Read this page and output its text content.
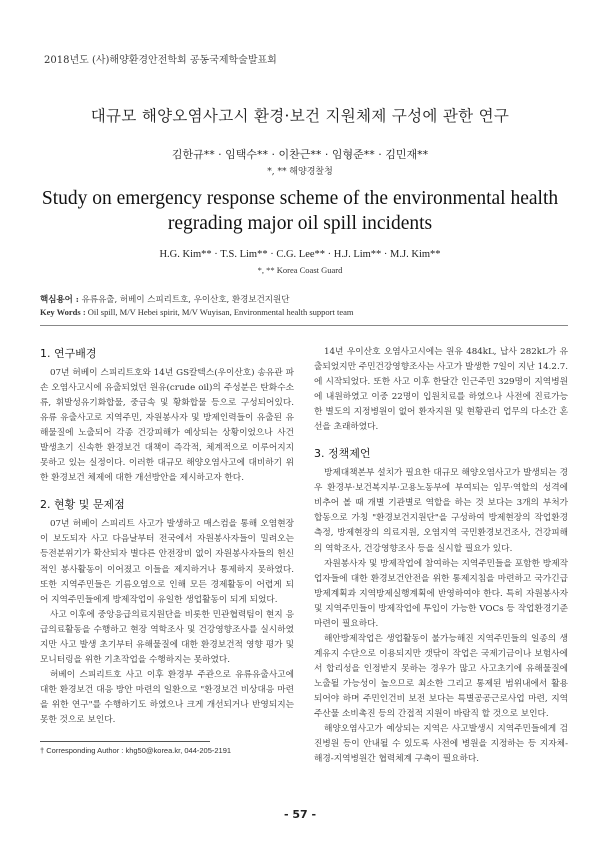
2018년도 (사)해양환경안전학회 공동국제학술발표회
대규모 해양오염사고시 환경·보건 지원체제 구성에 관한 연구
김한규** · 임택수** · 이찬근** · 임형준** · 김민재**
*, ** 해양경찰청
Study on emergency response scheme of the environmental health
regrading major oil spill incidents
H.G. Kim** · T.S. Lim** · C.G. Lee** · H.J. Lim** · M.J. Kim**
*, ** Korea Coast Guard
핵심용어 : 유류유출, 허베이 스피리트호, 우이산호, 환경보건지원단
Key Words : Oil spill, M/V Hebei spirit, M/V Wuyisan, Environmental health support team
1. 연구배경

07년 허베이 스피리트호와 14년 GS칼텍스(우이산호) 송유관 파손 오염사고시에 유출되었던 원유(crude oil)의 주성분은 탄화수소류, 휘발성유기화합물, 중금속 및 황화합물 등으로 구성되어있다. 유류 유출사고로 지역주민, 자원봉사자 및 방제인력들이 유출된 유해물질에 노출되어 각종 건강피해가 예상되는 상황이었으나 사건 발생초기 신속한 환경보건 대책이 즉각적, 체계적으로 이루어지지 못하고 있는 실정이다. 이러한 대규모 해양오염사고에 대비하기 위한 환경보건 체제에 대한 개선방안을 제시하고자 한다.

2. 현황 및 문제점

07년 허베이 스피리트 사고가 발생하고 매스컴을 통해 오염현장이 보도되자 사고 다음날부터 전국에서 자원봉사자들이 밀려오는 등전분위기가 확산되자 별다른 안전장비 없이 자원봉사자들의 헌신적인 봉사활동이 이어졌고 이들을 제지하거나 통제하지 못하였다. 또한 지역주민들은 기름오염으로 인해 모든 경제활동이 어렵게 되어 지역주민들에게 방제작업이 유일한 생업활동이 되게 되었다.

사고 이후에 중앙응급의료지원단을 비롯한 민관협력팀이 현지 응급의료활동을 수행하고 현장 역학조사 및 건강영향조사를 실시하였지만 사고 발생 초기부터 유해물질에 대한 환경보건적 영향 평가 및 모니터링을 위한 기초작업을 수행하지는 못하였다.

허베이 스피리트호 사고 이후 환경부 주관으로 유류유출사고에 대한 환경보건 대응 방안 마련의 일환으로 "환경보건 비상대응 마련을 위한 연구"를 수행하기도 하였으나 크게 개선되거나 반영되지는 못한 것으로 보인다.

14년 우이산호 오염사고시에는 원유 484kL, 납사 282kL가 유출되었지만 주민건강영향조사는 사고가 발생한 7일이 지난 14.2.7.에 시작되었다. 또한 사고 이후 한달간 인근주민 329명이 지역병원에 내원하였고 이중 22명이 입원치료를 하였으나 사전에 진료가능한 별도의 지정병원이 없어 환자지원 및 현황관리 업무의 다소간 혼선을 초래하였다.

3. 정책제언

방제대책본부 설치가 필요한 대규모 해양오염사고가 발생되는 경우 환경부·보건복지부·고용노동부에 부여되는 임무·역할의 성격에 비추어 볼 때 개별 기관별로 역할을 하는 것 보다는 3개의 부처가 합동으로 가칭 "환경보건지원단"을 구성하여 방제현장의 작업환경 측정, 방제현장의 의료지원, 오염지역 국민환경보건조사, 건강피해의 역학조사, 건강영향조사 등을 실시할 필요가 있다.

자원봉사자 및 방제작업에 참여하는 지역주민들을 포함한 방제작업자들에 대한 환경보건안전을 위한 통제지침을 마련하고 국가긴급방제계획과 지역방제실행계획에 반영하여야 한다. 특히 자원봉사자 및 지역주민들이 방제작업에 투입이 가능한 VOCs 등 작업환경기준 마련이 필요하다.

해안방제작업은 생업활동이 불가능해진 지역주민들의 일종의 생계유지 수단으로 이용되지만 갯닦이 작업은 국제기금이나 보험사에서 합리성을 인정받지 못하는 경우가 많고 사고초기에 유해물질에 노출될 가능성이 높으므로 최소한 그리고 통제된 범위내에서 활용되어야 하며 주민인건비 보전 보다는 특별공공근로사업 마련, 지역주산물 소비촉진 등의 간접적 지원이 바람직 할 것으로 보인다.

해양오염사고가 예상되는 지역은 사고발생시 지역주민들에게 검진병원 등이 안내될 수 있도록 사전에 병원을 지정하는 등 지자체-해경-지역병원간 협력체계 구축이 필요하다.

† Corresponding Author : khg50@korea.kr, 044-205-2191
- 57 -
